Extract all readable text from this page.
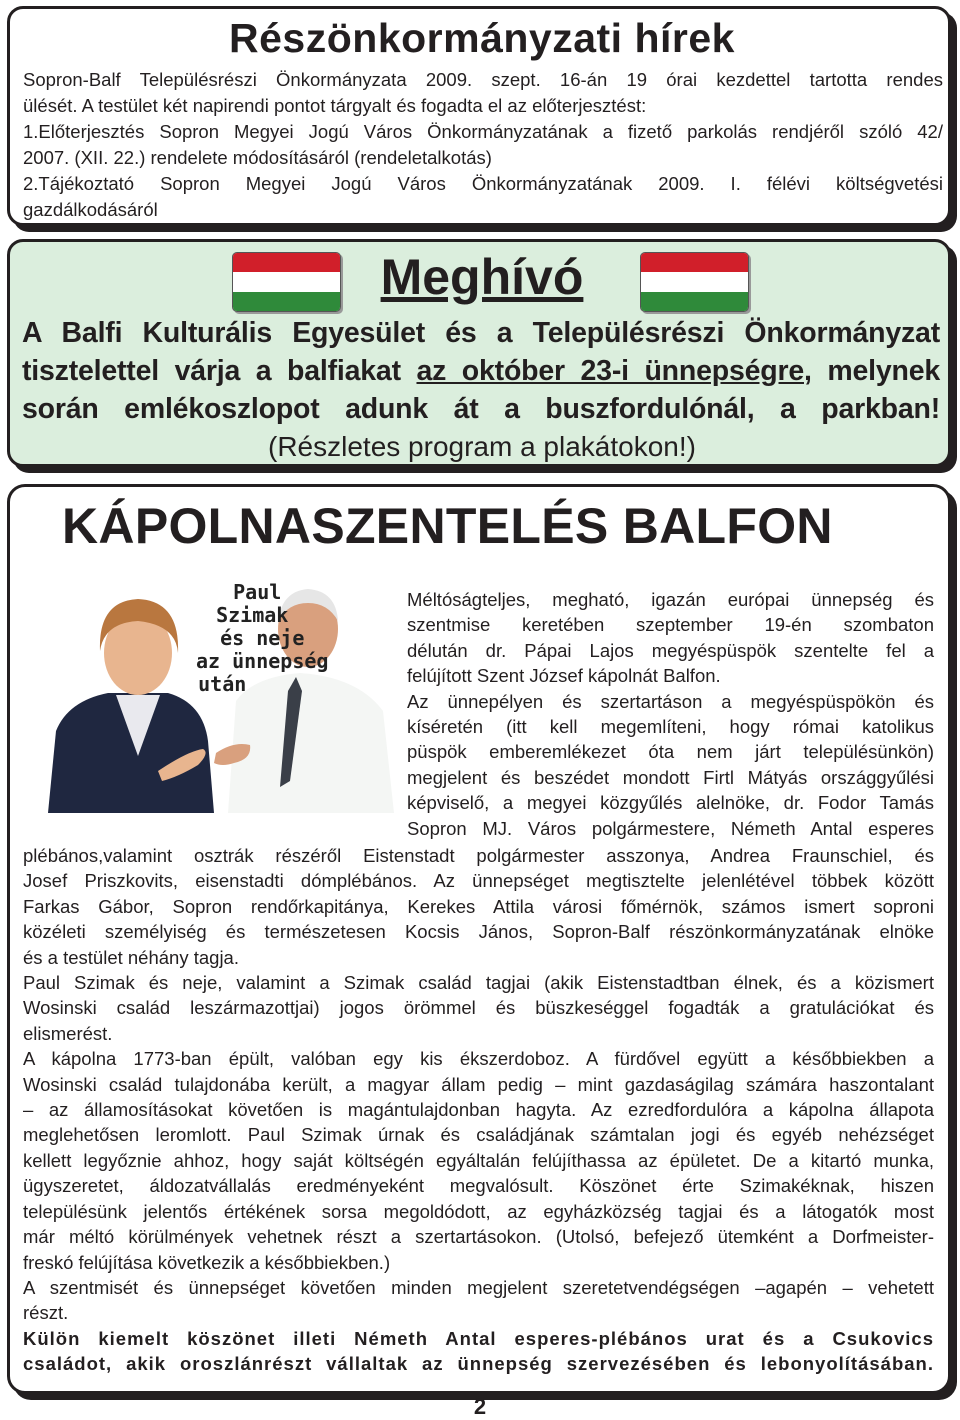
Részönkormányzati hírek

Sopron-Balf Településrészi Önkormányzata 2009. szept. 16-án 19 órai kezdettel tartotta rendes

ülését. A testület két napirendi pontot tárgyalt és fogadta el az előterjesztést:

1.Előterjesztés Sopron Megyei Jogú Város Önkormányzatának a fizető parkolás rendjéről szóló 42/

2007. (XII. 22.) rendelete módosításáról (rendeletalkotás)

2.Tájékoztató Sopron Megyei Jogú Város Önkormányzatának 2009. I. félévi költségvetési

gazdálkodásáról

Meghívó
A Balfi Kulturális Egyesület és a Településrészi Önkormányzat
tisztelettel várja a balfiakat az október 23-i ünnepségre, melynek
során emlékoszlopot adunk át a buszfordulónál, a parkban!
(Részletes program a plakátokon!)
KÁPOLNASZENTELÉS BALFON
Paul
Szimak
és neje
az ünnepség
után

Méltóságteljes, megható, igazán európai ünnepség és

szentmise keretében szeptember 19-én szombaton

délután dr. Pápai Lajos megyéspüspök szentelte fel a

felújított Szent József kápolnát Balfon.

Az ünnepélyen és szertartáson a megyéspüspökön és

kíséretén (itt kell megemlíteni, hogy római katolikus

püspök emberemlékezet óta nem járt településünkön)

megjelent és beszédet mondott Firtl Mátyás országgyűlési

képviselő, a megyei közgyűlés alelnöke, dr. Fodor Tamás

Sopron MJ. Város polgármestere, Németh Antal esperes

plébános,valamint osztrák részéről Eistenstadt polgármester asszonya, Andrea Fraunschiel, és

Josef Priszkovits, eisenstadti dómplébános. Az ünnepséget megtisztelte jelenlétével többek között

Farkas Gábor, Sopron rendőrkapitánya, Kerekes Attila városi főmérnök, számos ismert soproni

közéleti személyiség és természetesen Kocsis János, Sopron-Balf részönkormányzatának elnöke

és a testület néhány tagja.

Paul Szimak és neje, valamint a Szimak család tagjai (akik Eistenstadtban élnek, és a közismert

Wosinski család leszármazottjai) jogos örömmel és büszkeséggel fogadták a gratulációkat és

elismerést.

A kápolna 1773-ban épült, valóban egy kis ékszerdoboz. A fürdővel együtt a későbbiekben a

Wosinski család tulajdonába került, a magyar állam pedig – mint gazdaságilag számára haszontalant

– az államosításokat követően is magántulajdonban hagyta. Az ezredfordulóra a kápolna állapota

meglehetősen leromlott. Paul Szimak úrnak és családjának számtalan jogi és egyéb nehézséget

kellett legyőznie ahhoz, hogy saját költségén egyáltalán felújíthassa az épületet. De a kitartó munka,

ügyszeretet, áldozatvállalás eredményeként megvalósult. Köszönet érte Szimakéknak, hiszen

településünk jelentős értékének sorsa megoldódott, az egyházközség tagjai és a látogatók most

már méltó körülmények vehetnek részt a szertartásokon. (Utolsó, befejező ütemként a Dorfmeister-

freskó felújítása következik a későbbiekben.)

A szentmisét és ünnepséget követően minden megjelent szeretetvendégségen –agapén – vehetett

részt.

Külön kiemelt köszönet illeti Németh Antal esperes-plébános urat és a Csukovics

családot, akik oroszlánrészt vállaltak az ünnepség szervezésében és lebonyolításában.

2
